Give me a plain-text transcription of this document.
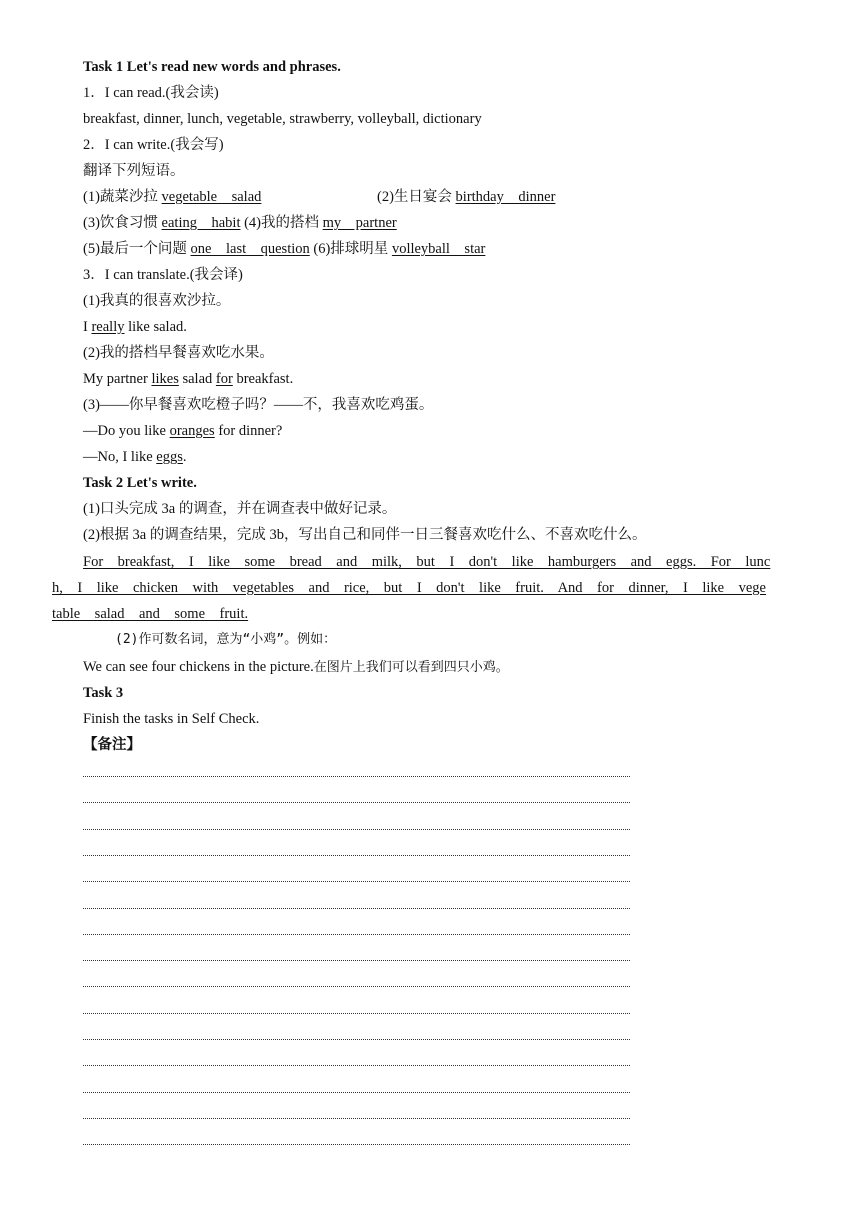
Task 1 Let's read new words and phrases.
1．I can read.(我会读)
breakfast, dinner, lunch, vegetable, strawberry, volleyball, dictionary
2．I can write.(我会写)
翻译下列短语。
(1)蔬菜沙拉 vegetable    salad	(2)生日宴会 birthday    dinner
(3)饮食习惯 eating    habit (4)我的搭档 my    partner
(5)最后一个问题 one    last    question (6)排球明星 volleyball    star
3．I can translate.(我会译)
(1)我真的很喜欢沙拉。
I really like salad.
(2)我的搭档早餐喜欢吃水果。
My partner likes salad for breakfast.
(3)——你早餐喜欢吃橙子吗？——不，我喜欢吃鸡蛋。
—Do you like oranges for dinner?
—No, I like eggs.
Task 2 Let's write.
(1)口头完成 3a 的调查，并在调查表中做好记录。
(2)根据 3a 的调查结果，完成 3b，写出自己和同伴一日三餐喜欢吃什么、不喜欢吃什么。
For    breakfast,    I    like    some    bread    and    milk,    but    I    don't    like    hamburgers    and    eggs.    For    lunc
h,    I    like    chicken    with    vegetables    and    rice,    but    I    don't    like    fruit.    And    for    dinner,    I    like    vege
table    salad    and    some    fruit.
(2)作可数名词，意为“小鸡”。例如：
We can see four chickens in the picture.在图片上我们可以看到四只小鸡。
Task 3
Finish the tasks in Self Check.
【备注】
